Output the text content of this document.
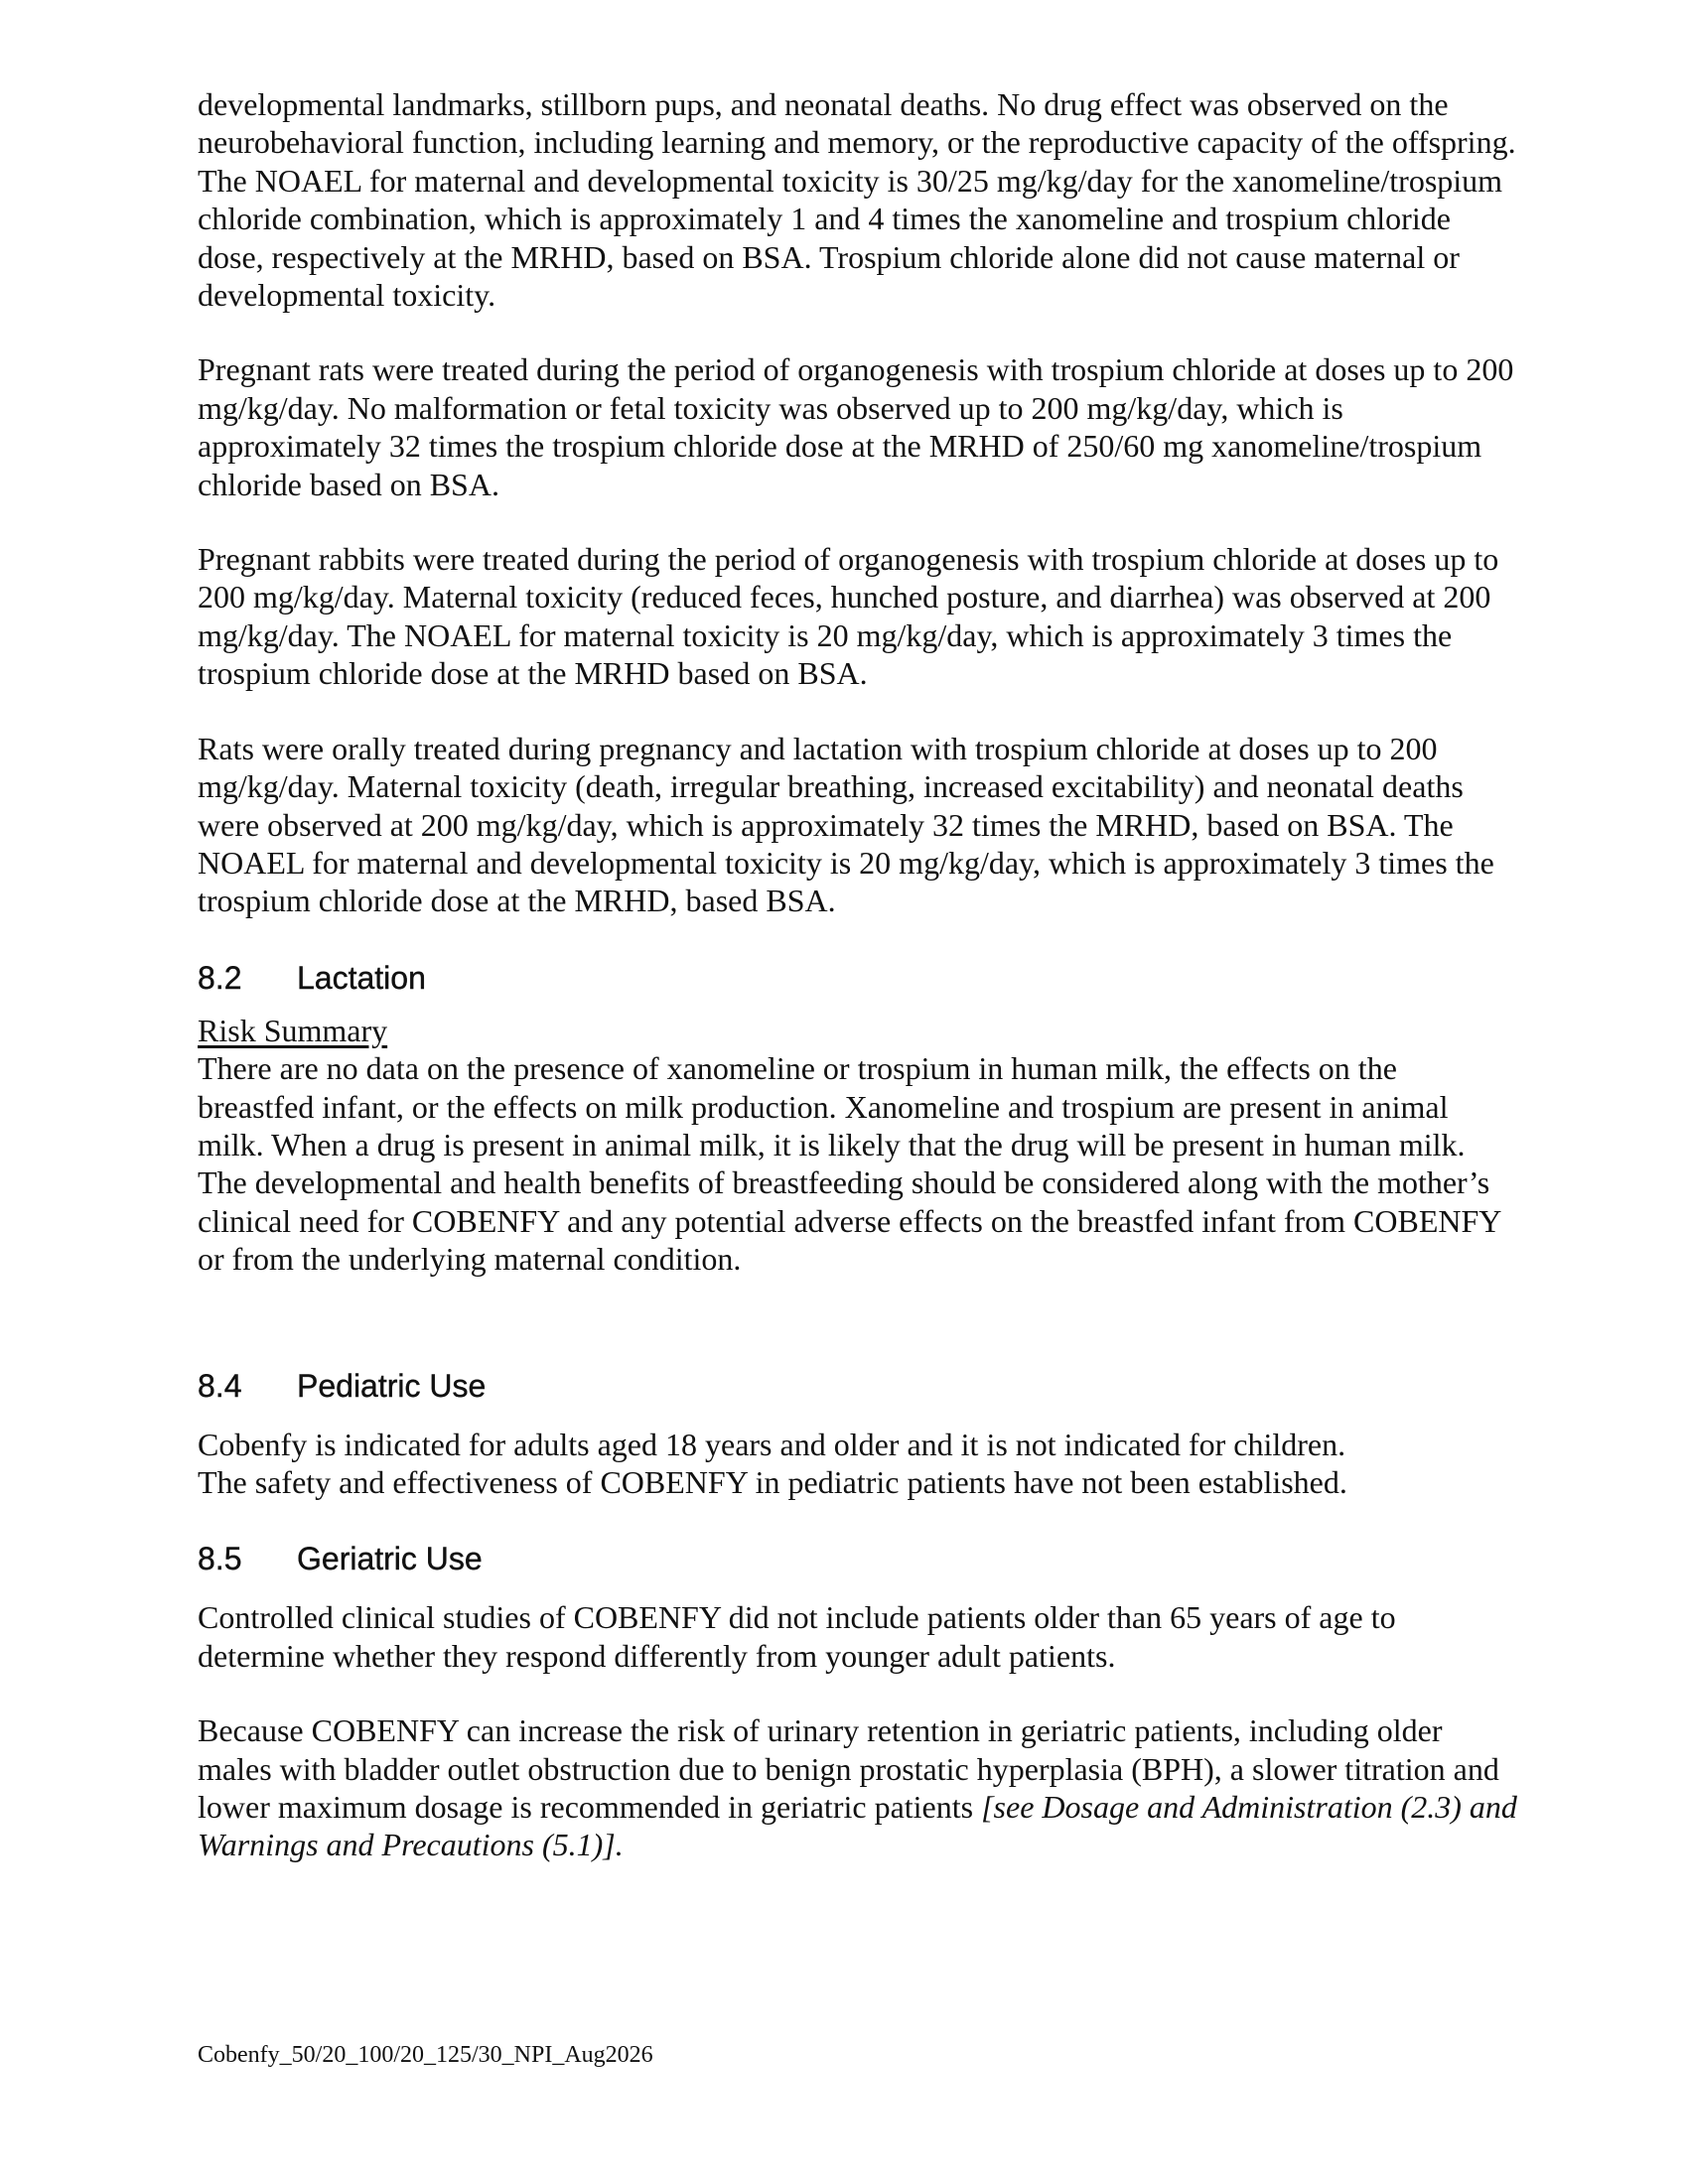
developmental landmarks, stillborn pups, and neonatal deaths. No drug effect was observed on the neurobehavioral function, including learning and memory, or the reproductive capacity of the offspring. The NOAEL for maternal and developmental toxicity is 30/25 mg/kg/day for the xanomeline/trospium chloride combination, which is approximately 1 and 4 times the xanomeline and trospium chloride dose, respectively at the MRHD, based on BSA. Trospium chloride alone did not cause maternal or developmental toxicity.

Pregnant rats were treated during the period of organogenesis with trospium chloride at doses up to 200 mg/kg/day. No malformation or fetal toxicity was observed up to 200 mg/kg/day, which is approximately 32 times the trospium chloride dose at the MRHD of 250/60 mg xanomeline/trospium chloride based on BSA.

Pregnant rabbits were treated during the period of organogenesis with trospium chloride at doses up to 200 mg/kg/day. Maternal toxicity (reduced feces, hunched posture, and diarrhea) was observed at 200 mg/kg/day. The NOAEL for maternal toxicity is 20 mg/kg/day, which is approximately 3 times the trospium chloride dose at the MRHD based on BSA.

Rats were orally treated during pregnancy and lactation with trospium chloride at doses up to 200 mg/kg/day. Maternal toxicity (death, irregular breathing, increased excitability) and neonatal deaths were observed at 200 mg/kg/day, which is approximately 32 times the MRHD, based on BSA. The NOAEL for maternal and developmental toxicity is 20 mg/kg/day, which is approximately 3 times the trospium chloride dose at the MRHD, based BSA.

8.2	Lactation

Risk Summary

There are no data on the presence of xanomeline or trospium in human milk, the effects on the breastfed infant, or the effects on milk production. Xanomeline and trospium are present in animal milk. When a drug is present in animal milk, it is likely that the drug will be present in human milk. The developmental and health benefits of breastfeeding should be considered along with the mother’s clinical need for COBENFY and any potential adverse effects on the breastfed infant from COBENFY or from the underlying maternal condition.

8.4	Pediatric Use

Cobenfy is indicated for adults aged 18 years and older and it is not indicated for children.

The safety and effectiveness of COBENFY in pediatric patients have not been established.

8.5	Geriatric Use

Controlled clinical studies of COBENFY did not include patients older than 65 years of age to determine whether they respond differently from younger adult patients.

Because COBENFY can increase the risk of urinary retention in geriatric patients, including older males with bladder outlet obstruction due to benign prostatic hyperplasia (BPH), a slower titration and lower maximum dosage is recommended in geriatric patients [see Dosage and Administration (2.3) and Warnings and Precautions (5.1)].

Cobenfy_50/20_100/20_125/30_NPI_Aug2026
